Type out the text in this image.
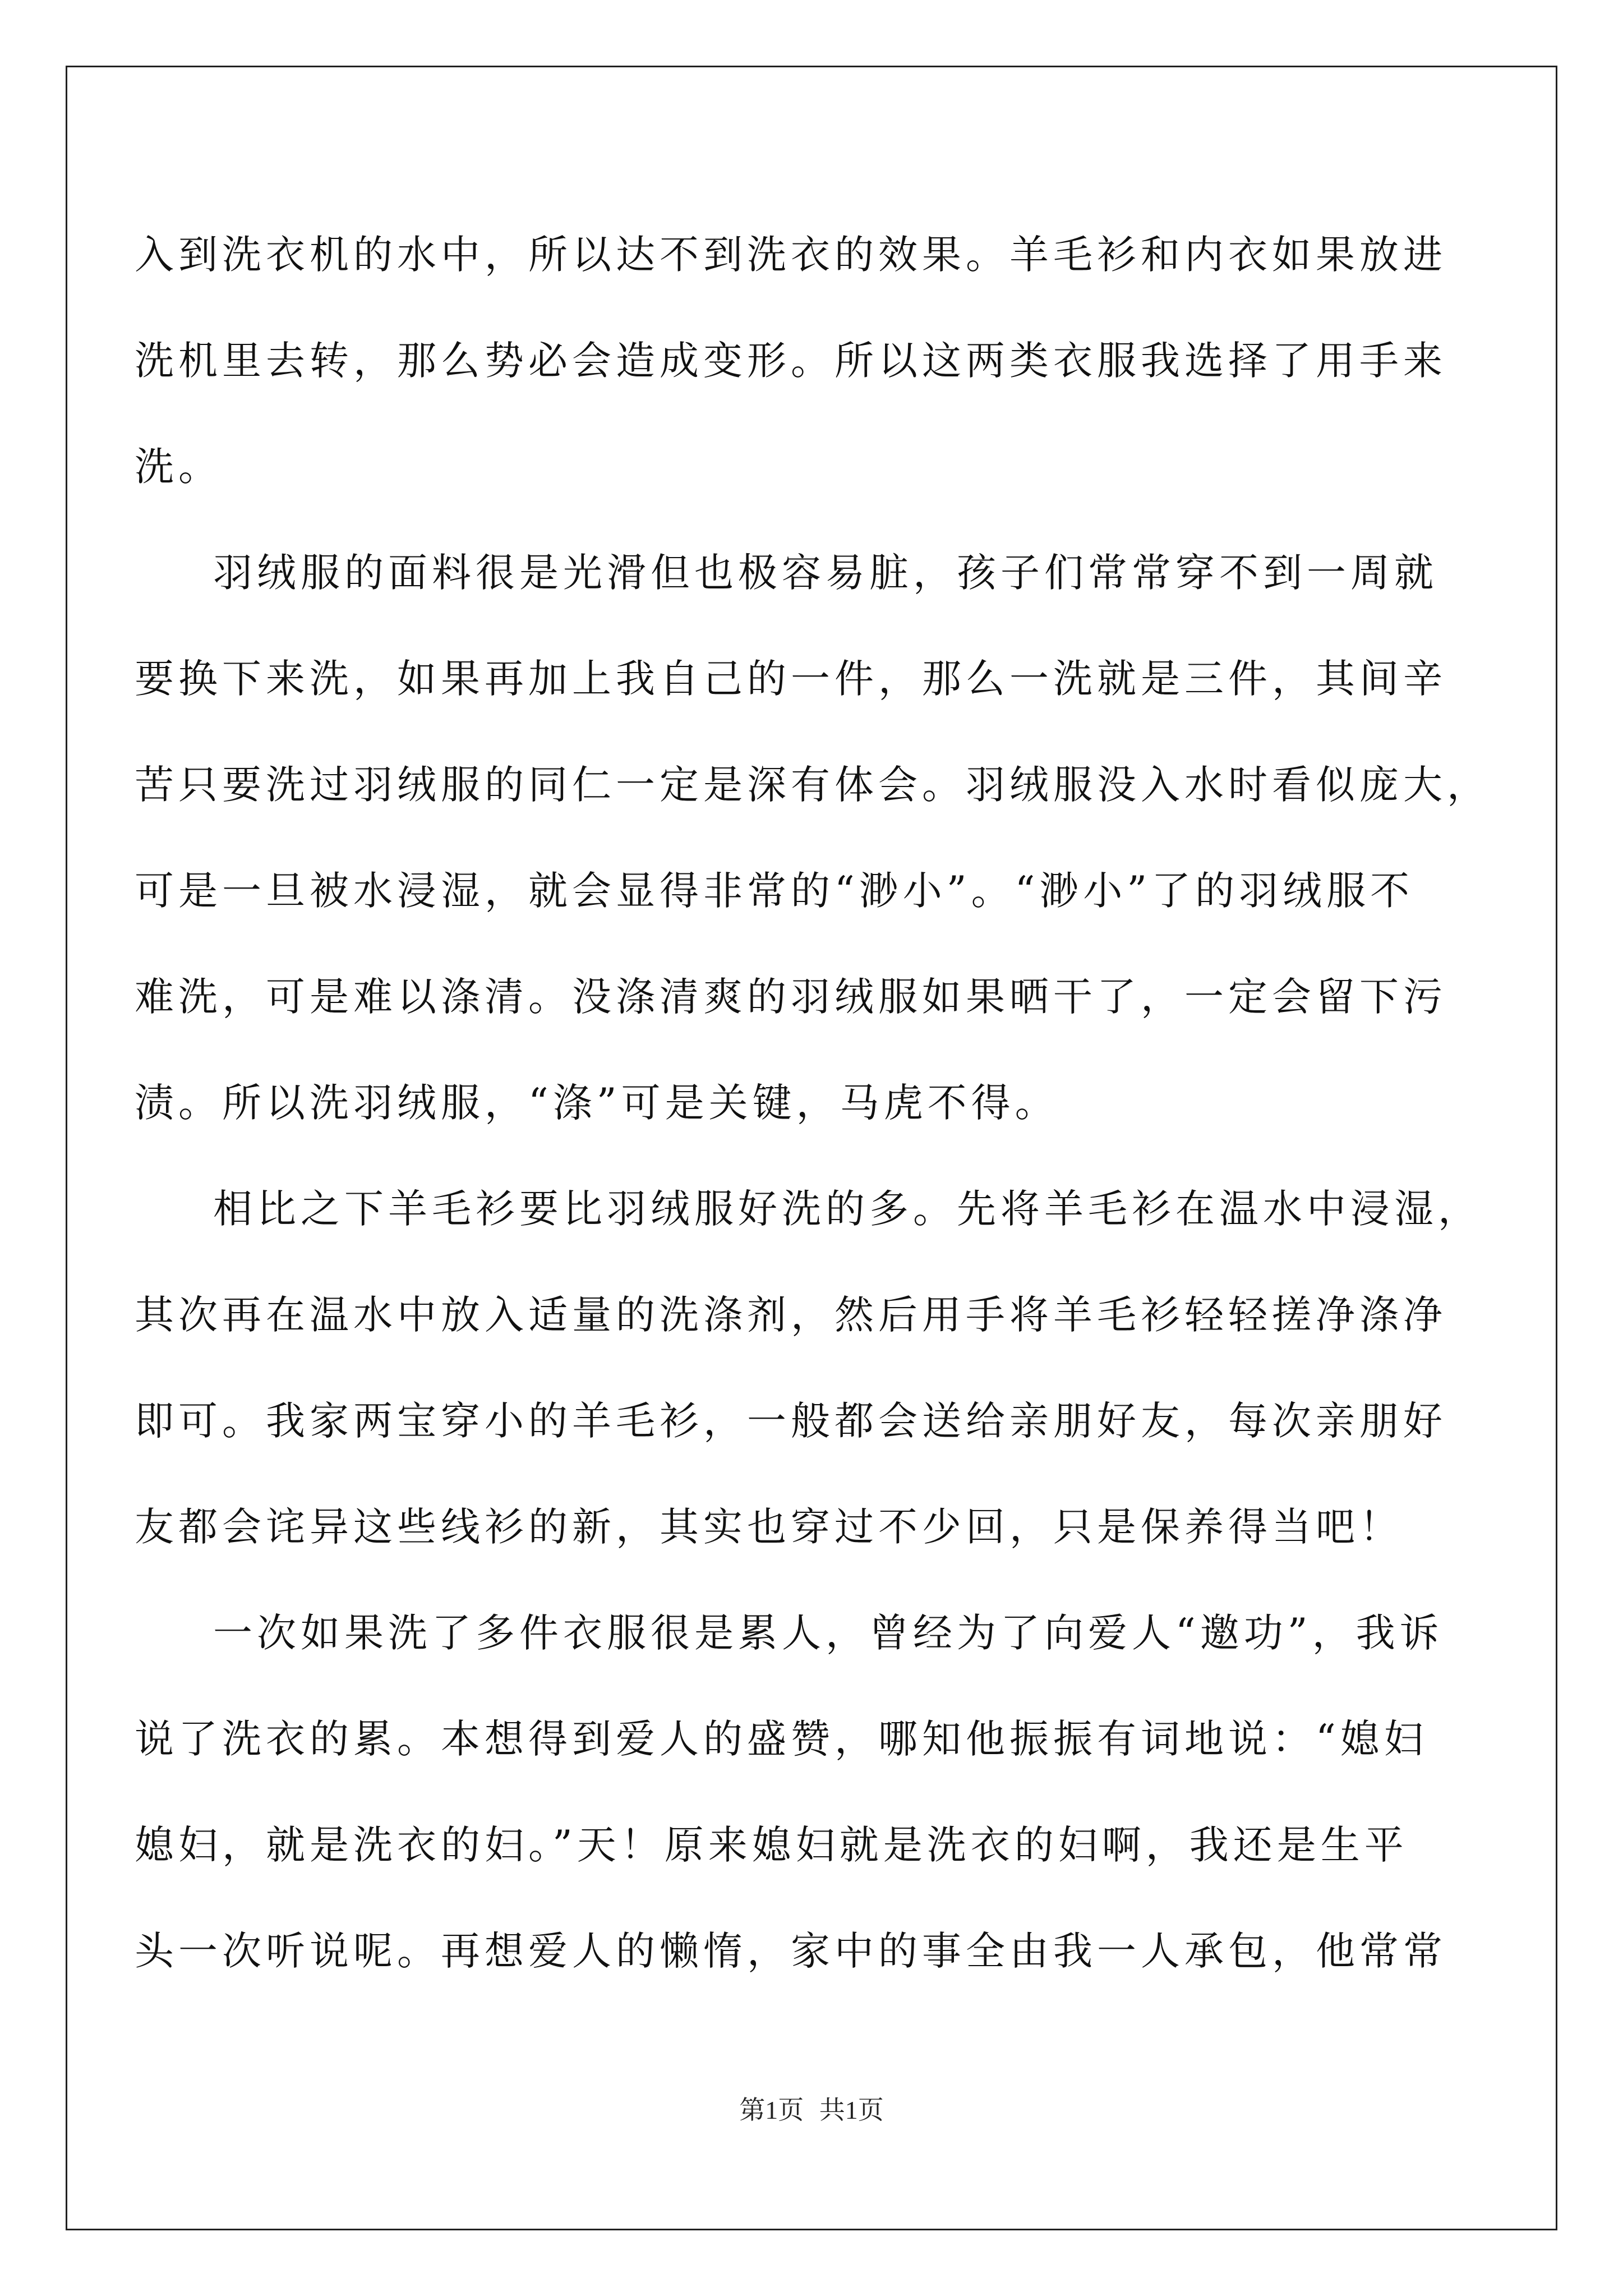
入到洗衣机的水中，所以达不到洗衣的效果。羊毛衫和内衣如果放进
洗机里去转，那么势必会造成变形。所以这两类衣服我选择了用手来
洗。
羽绒服的面料很是光滑但也极容易脏，孩子们常常穿不到一周就
要换下来洗，如果再加上我自己的一件，那么一洗就是三件，其间辛
苦只要洗过羽绒服的同仁一定是深有体会。羽绒服没入水时看似庞大，
可是一旦被水浸湿，就会显得非常的“渺小”。“渺小”了的羽绒服不
难洗，可是难以涤清。没涤清爽的羽绒服如果晒干了，一定会留下污
渍。所以洗羽绒服，“涤”可是关键，马虎不得。
相比之下羊毛衫要比羽绒服好洗的多。先将羊毛衫在温水中浸湿，
其次再在温水中放入适量的洗涤剂，然后用手将羊毛衫轻轻搓净涤净
即可。我家两宝穿小的羊毛衫，一般都会送给亲朋好友，每次亲朋好
友都会诧异这些线衫的新，其实也穿过不少回，只是保养得当吧！
一次如果洗了多件衣服很是累人，曾经为了向爱人“邀功”，我诉
说了洗衣的累。本想得到爱人的盛赞，哪知他振振有词地说：“媳妇
媳妇，就是洗衣的妇。”天！原来媳妇就是洗衣的妇啊，我还是生平
头一次听说呢。再想爱人的懒惰，家中的事全由我一人承包，他常常
第1页 共1页
